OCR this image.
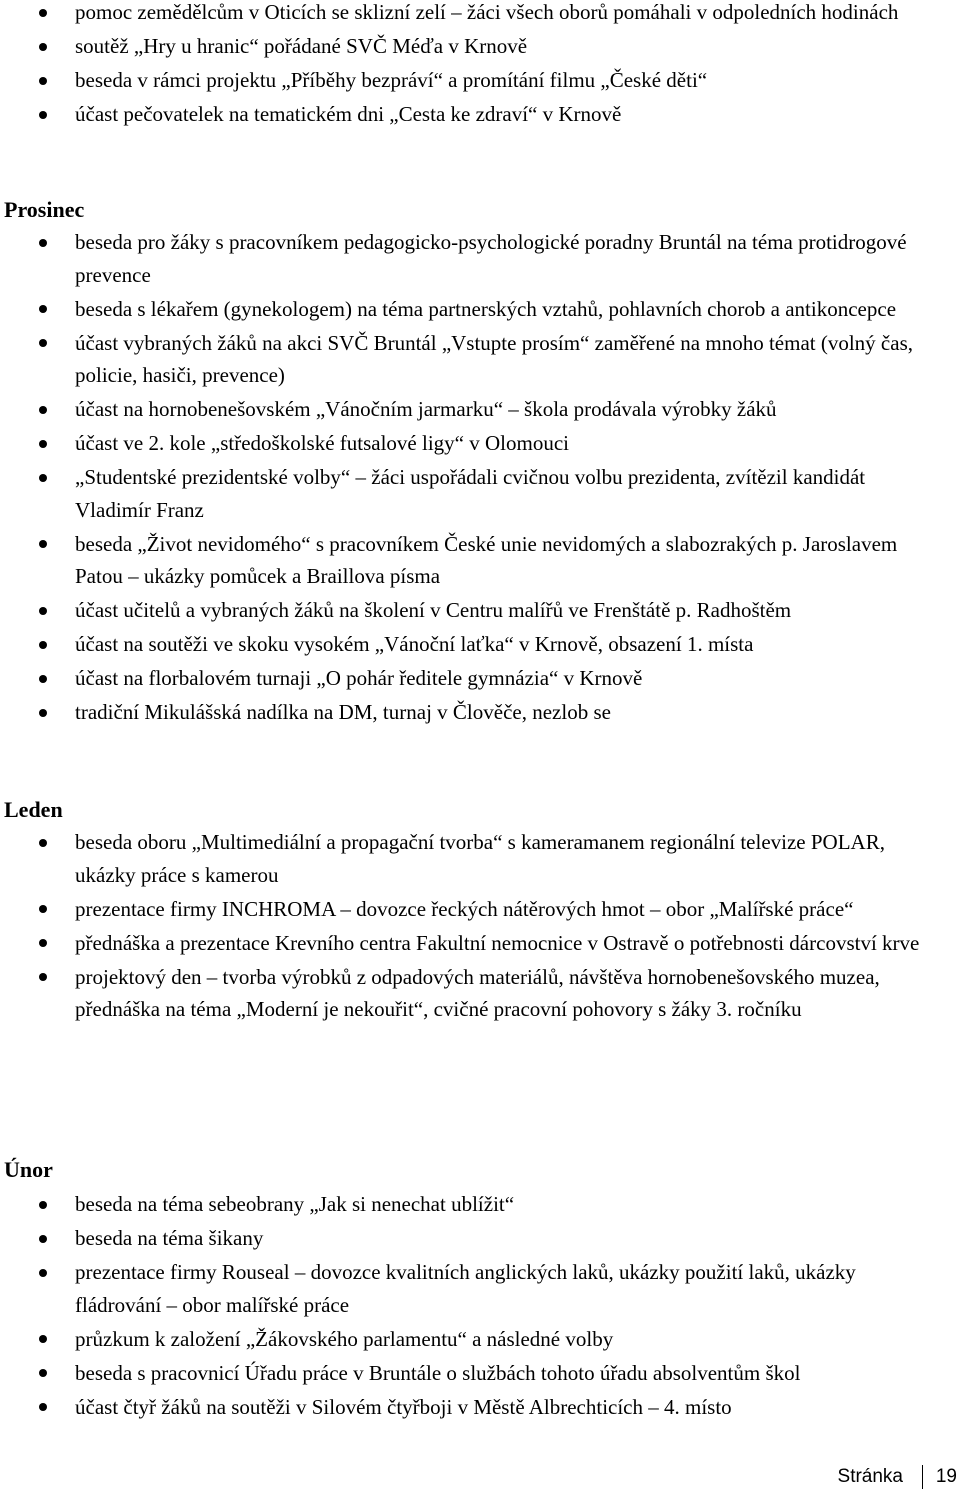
pomoc zemědělcům v Oticích se sklizní zelí – žáci všech oborů pomáhali v odpoledních hodinách
soutěž „Hry u hranic“ pořádané SVČ Méďa v Krnově
beseda v rámci projektu „Příběhy bezpráví“ a promítání filmu „České děti“
účast pečovatelek na tematickém dni „Cesta ke zdraví“ v Krnově
Prosinec
beseda pro žáky s pracovníkem pedagogicko-psychologické poradny Bruntál na téma protidrogové prevence
beseda s lékařem (gynekologem) na téma partnerských vztahů, pohlavních chorob a antikoncepce
účast vybraných žáků na akci SVČ Bruntál „Vstupte prosím“ zaměřené na mnoho témat (volný čas, policie, hasiči, prevence)
účast na hornobenešovském „Vánočním jarmarku“ – škola prodávala výrobky žáků
účast ve 2. kole „středoškolské futsalové ligy“ v Olomouci
„Studentské prezidentské volby“ – žáci uspořádali cvičnou volbu prezidenta, zvítězil kandidát Vladimír Franz
beseda „Život nevidomého“ s pracovníkem České unie nevidomých a slabozrakých p. Jaroslavem Patou – ukázky pomůcek a Braillova písma
účast učitelů a vybraných žáků na školení v Centru malířů ve Frenštátě p. Radhoštěm
účast na soutěži ve skoku vysokém „Vánoční laťka“ v Krnově, obsazení 1. místa
účast na florbalovém turnaji „O pohár ředitele gymnázia“ v Krnově
tradiční Mikulášská nadílka na DM, turnaj v Člověče, nezlob se
Leden
beseda oboru „Multimediální a propagační tvorba“ s kameramanem regionální televize POLAR, ukázky práce s kamerou
prezentace firmy INCHROMA – dovozce řeckých nátěrových hmot – obor „Malířské práce“
přednáška a prezentace Krevního centra Fakultní nemocnice v Ostravě o potřebnosti dárcovství krve
projektový den – tvorba výrobků z odpadových materiálů, návštěva hornobenešovského muzea, přednáška na téma „Moderní je nekouřit“, cvičné pracovní pohovory s žáky 3. ročníku
Únor
beseda na téma sebeobrany „Jak si nenechat ublížit“
beseda na téma šikany
prezentace firmy Rouseal – dovozce kvalitních anglických laků, ukázky použití laků, ukázky fládrování – obor malířské práce
průzkum k založení „Žákovského parlamentu“ a následné volby
beseda s pracovnicí Úřadu práce v Bruntále o službách tohoto úřadu absolventům škol
účast čtyř žáků na soutěži v Silovém čtyřboji v Městě Albrechticích – 4. místo
Stránka	19
